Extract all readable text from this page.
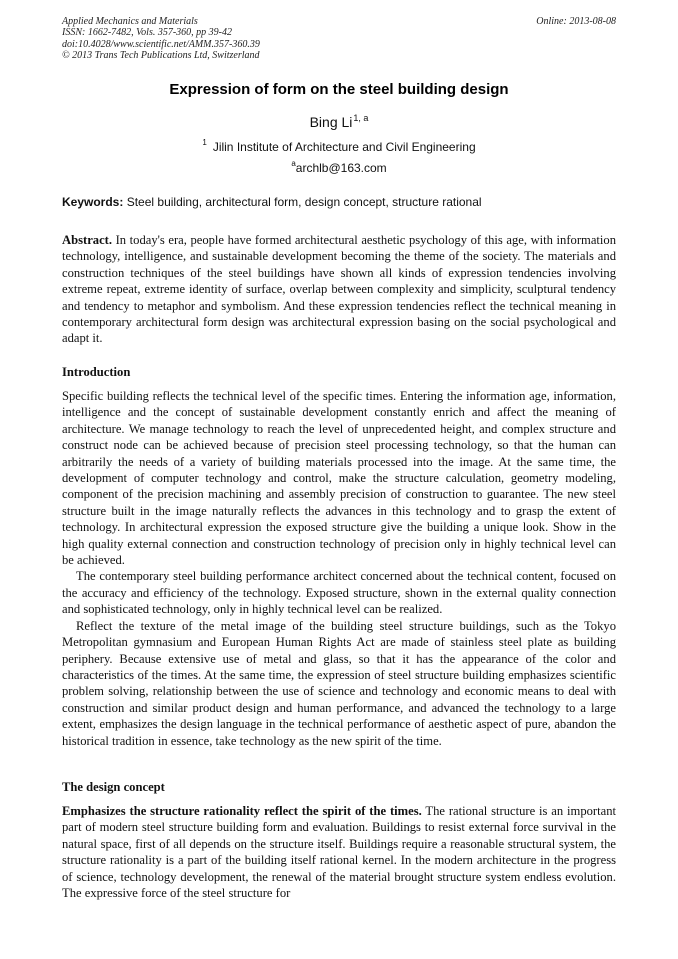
Applied Mechanics and Materials
ISSN: 1662-7482, Vols. 357-360, pp 39-42
doi:10.4028/www.scientific.net/AMM.357-360.39
© 2013 Trans Tech Publications Ltd, Switzerland
Online: 2013-08-08
Expression of form on the steel building design
Bing Li$^{1, a}$
$^1$ Jilin Institute of Architecture and Civil Engineering
$^a$archlb@163.com
Keywords: Steel building, architectural form, design concept, structure rational

Abstract. In today's era, people have formed architectural aesthetic psychology of this age, with information technology, intelligence, and sustainable development becoming the theme of the society. The materials and construction techniques of the steel buildings have shown all kinds of expression tendencies involving extreme repeat, extreme identity of surface, overlap between complexity and simplicity, sculptural tendency and tendency to metaphor and symbolism. And these expression tendencies reflect the technical meaning in contemporary architectural form design was architectural expression basing on the social psychological and adapt it.

Introduction

Specific building reflects the technical level of the specific times. Entering the information age, information, intelligence and the concept of sustainable development constantly enrich and affect the meaning of architecture. We manage technology to reach the level of unprecedented height, and complex structure and construct node can be achieved because of precision steel processing technology, so that the human can arbitrarily the needs of a variety of building materials processed into the image. At the same time, the development of computer technology and control, make the structure calculation, geometry modeling, component of the precision machining and assembly precision of construction to guarantee. The new steel structure built in the image naturally reflects the advances in this technology and to grasp the extent of technology. In architectural expression the exposed structure give the building a unique look. Show in the high quality external connection and construction technology of precision only in highly technical level can be achieved.

The contemporary steel building performance architect concerned about the technical content, focused on the accuracy and efficiency of the technology. Exposed structure, shown in the external quality connection and sophisticated technology, only in highly technical level can be realized.

Reflect the texture of the metal image of the building steel structure buildings, such as the Tokyo Metropolitan gymnasium and European Human Rights Act are made of stainless steel plate as building periphery. Because extensive use of metal and glass, so that it has the appearance of the color and characteristics of the times. At the same time, the expression of steel structure building emphasizes scientific problem solving, relationship between the use of science and technology and economic means to deal with construction and similar product design and human performance, and advanced the technology to a large extent, emphasizes the design language in the technical performance of aesthetic aspect of pure, abandon the historical tradition in essence, take technology as the new spirit of the time.

The design concept

Emphasizes the structure rationality reflect the spirit of the times. The rational structure is an important part of modern steel structure building form and evaluation. Buildings to resist external force survival in the natural space, first of all depends on the structure itself. Buildings require a reasonable structural system, the structure rationality is a part of the building itself rational kernel. In the modern architecture in the progress of science, technology development, the renewal of the material brought structure system endless evolution. The expressive force of the steel structure for
